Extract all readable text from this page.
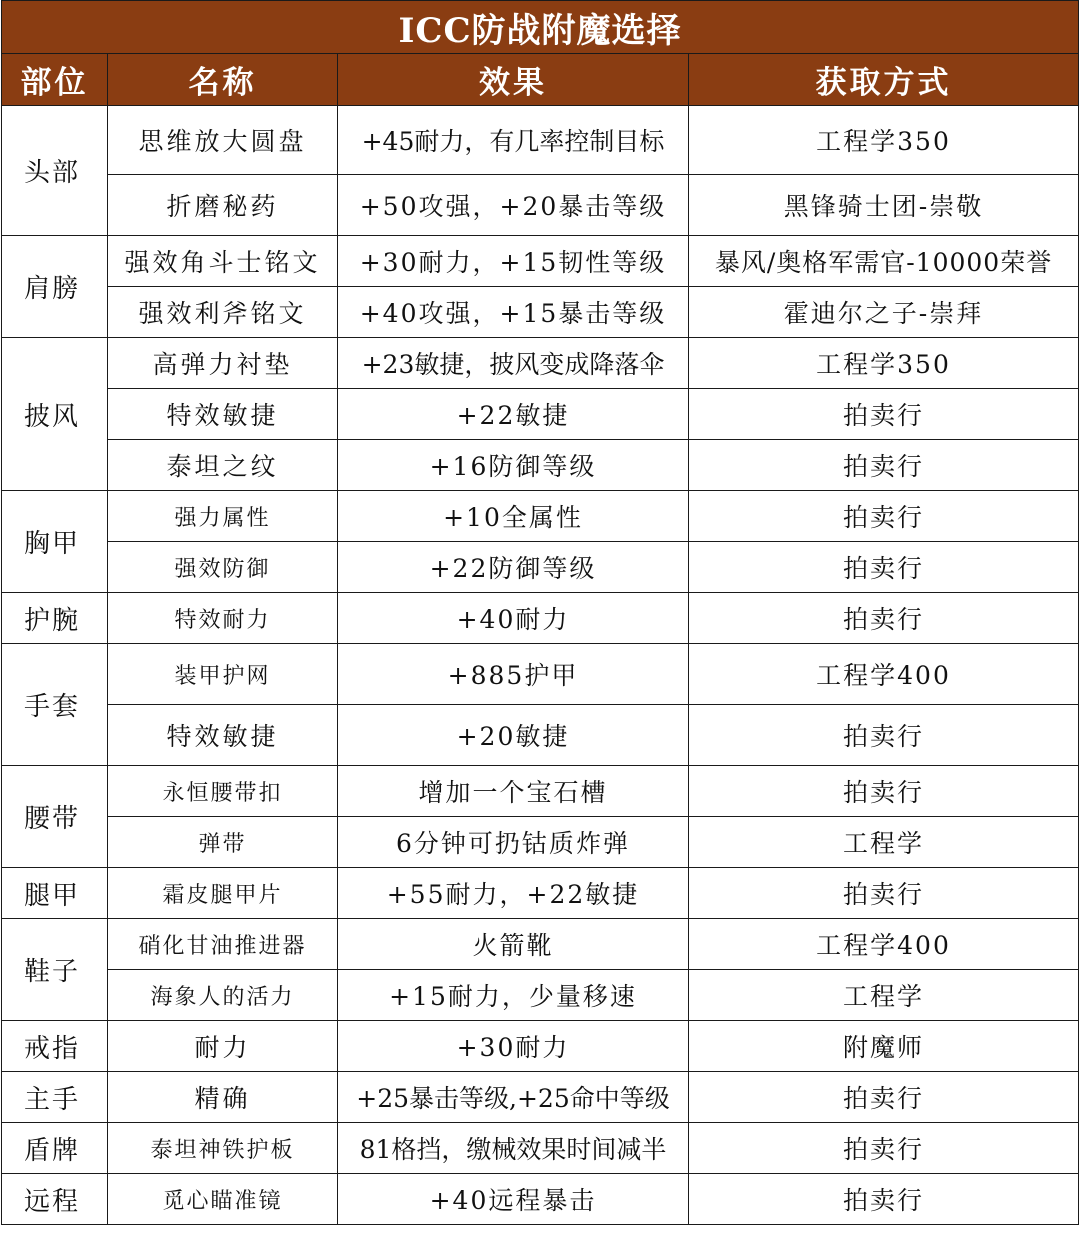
ICC防战附魔选择			
部位	名称	效果	获取方式
头部	思维放大圆盘	+45耐力，有几率控制目标	工程学350
	折磨秘药	+50攻强，+20暴击等级	黑锋骑士团-崇敬
肩膀	强效角斗士铭文	+30耐力，+15韧性等级	暴风/奥格军需官-10000荣誉
	强效利斧铭文	+40攻强，+15暴击等级	霍迪尔之子-崇拜
披风	高弹力衬垫	+23敏捷，披风变成降落伞	工程学350
	特效敏捷	+22敏捷	拍卖行
	泰坦之纹	+16防御等级	拍卖行
胸甲	强力属性	+10全属性	拍卖行
	强效防御	+22防御等级	拍卖行
护腕	特效耐力	+40耐力	拍卖行
手套	装甲护网	+885护甲	工程学400
	特效敏捷	+20敏捷	拍卖行
腰带	永恒腰带扣	增加一个宝石槽	拍卖行
	弹带	6分钟可扔钴质炸弹	工程学
腿甲	霜皮腿甲片	+55耐力，+22敏捷	拍卖行
鞋子	硝化甘油推进器	火箭靴	工程学400
	海象人的活力	+15耐力，少量移速	工程学
戒指	耐力	+30耐力	附魔师
主手	精确	+25暴击等级,+25命中等级	拍卖行
盾牌	泰坦神铁护板	81格挡，缴械效果时间减半	拍卖行
远程	觅心瞄准镜	+40远程暴击	拍卖行
